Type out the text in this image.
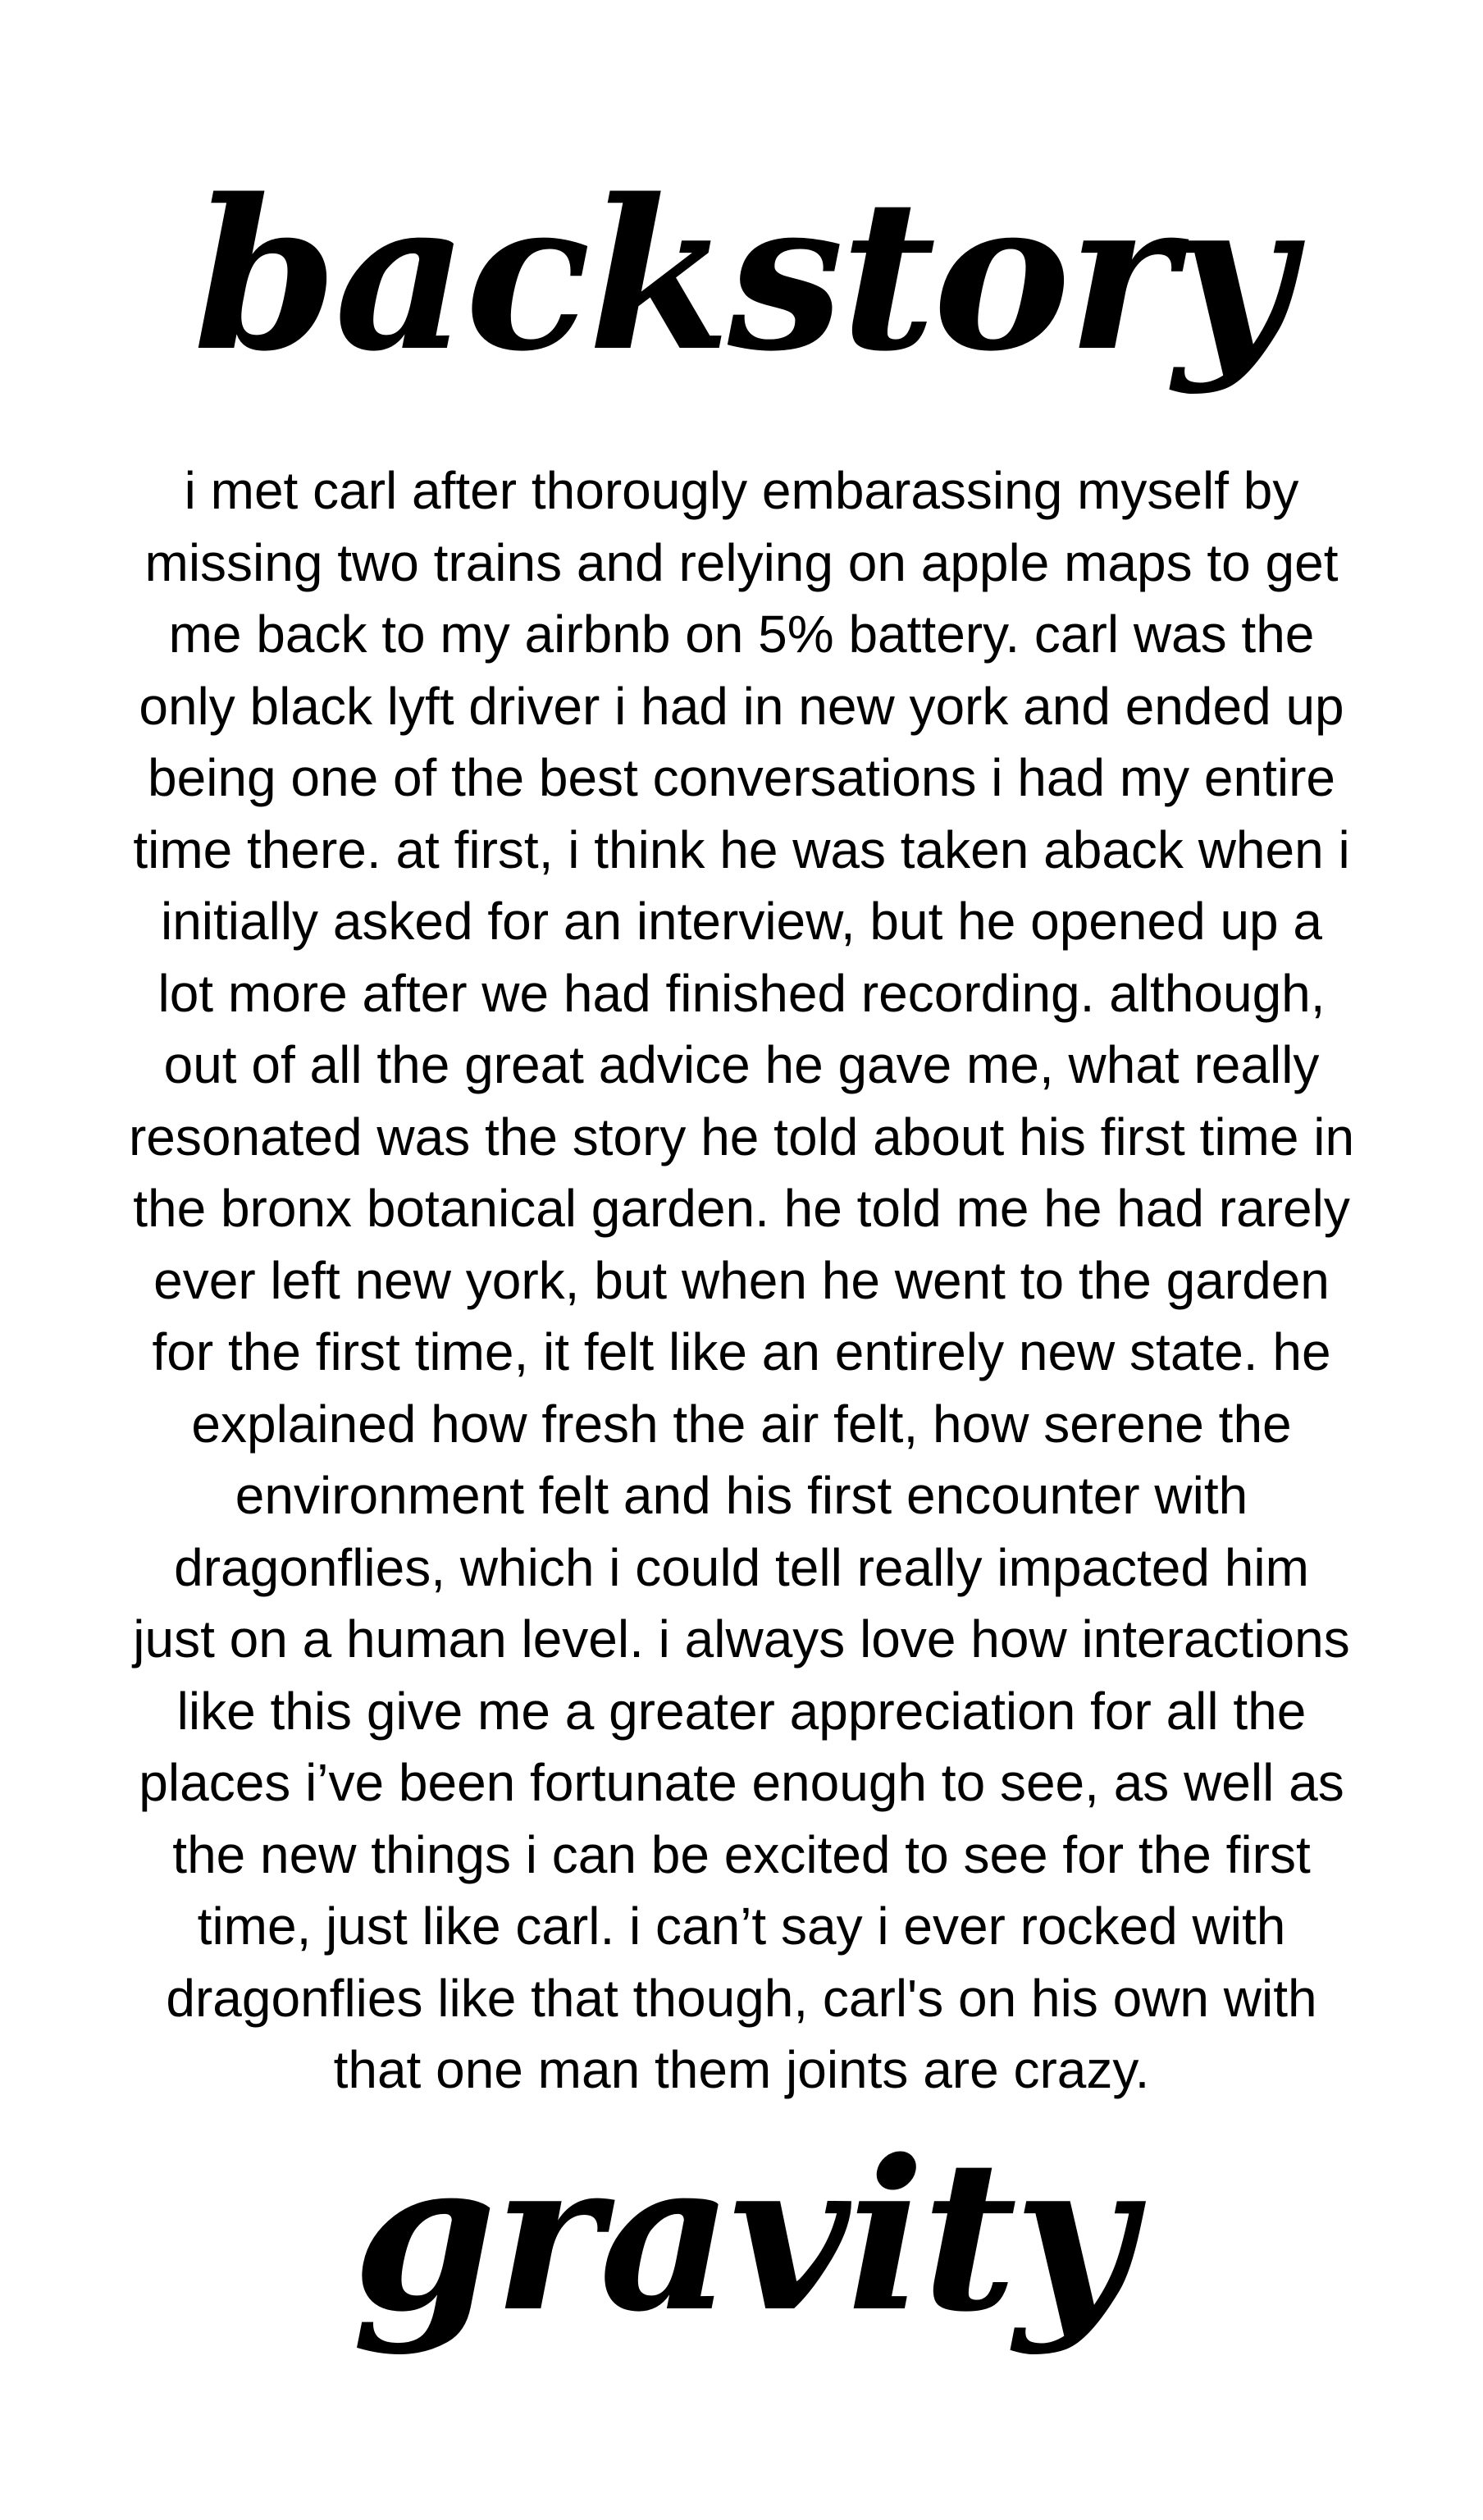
backstory
i met carl after thorougly embarassing myself by
missing two trains and relying on apple maps to get
me back to my airbnb on 5% battery. carl was the
only black lyft driver i had in new york and ended up
being one of the best conversations i had my entire
time there. at first, i think he was taken aback when i
initially asked for an interview, but he opened up a
lot more after we had finished recording. although,
out of all the great advice he gave me, what really
resonated was the story he told about his first time in
the bronx botanical garden. he told me he had rarely
ever left new york, but when he went to the garden
for the first time, it felt like an entirely new state. he
explained how fresh the air felt, how serene the
environment felt and his first encounter with
dragonflies, which i could tell really impacted him
just on a human level. i always love how interactions
like this give me a greater appreciation for all the
places i’ve been fortunate enough to see, as well as
the new things i can be excited to see for the first
time, just like carl. i can’t say i ever rocked with
dragonflies like that though, carl's on his own with
that one man them joints are crazy.
gravity
